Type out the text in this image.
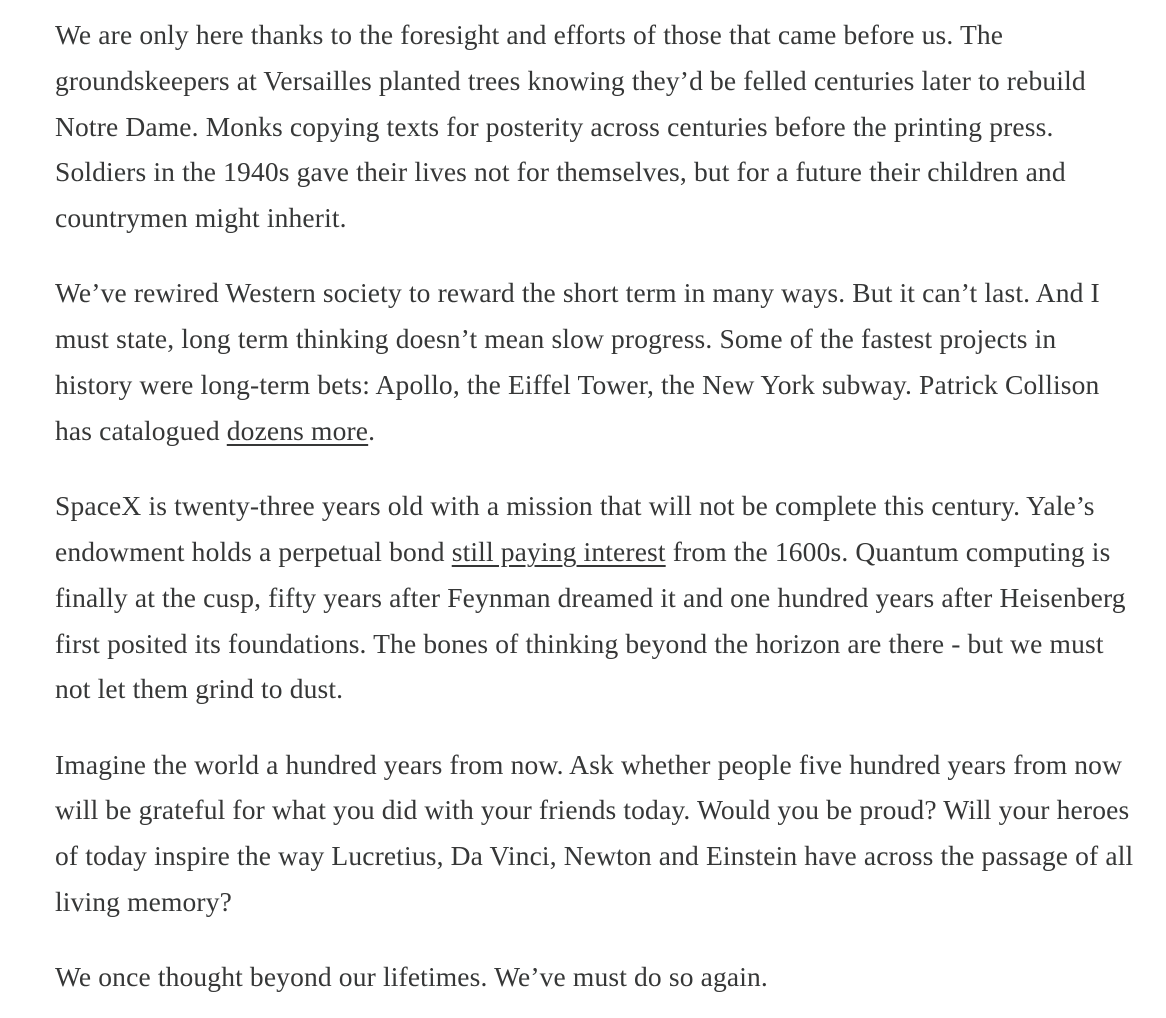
We are only here thanks to the foresight and efforts of those that came before us. The groundskeepers at Versailles planted trees knowing they’d be felled centuries later to rebuild Notre Dame. Monks copying texts for posterity across centuries before the printing press. Soldiers in the 1940s gave their lives not for themselves, but for a future their children and countrymen might inherit.

We’ve rewired Western society to reward the short term in many ways. But it can’t last. And I must state, long term thinking doesn’t mean slow progress. Some of the fastest projects in history were long-term bets: Apollo, the Eiffel Tower, the New York subway. Patrick Collison has catalogued dozens more.

SpaceX is twenty-three years old with a mission that will not be complete this century. Yale’s endowment holds a perpetual bond still paying interest from the 1600s. Quantum computing is finally at the cusp, fifty years after Feynman dreamed it and one hundred years after Heisenberg first posited its foundations. The bones of thinking beyond the horizon are there - but we must not let them grind to dust.

Imagine the world a hundred years from now. Ask whether people five hundred years from now will be grateful for what you did with your friends today. Would you be proud? Will your heroes of today inspire the way Lucretius, Da Vinci, Newton and Einstein have across the passage of all living memory?

We once thought beyond our lifetimes. We’ve must do so again.
